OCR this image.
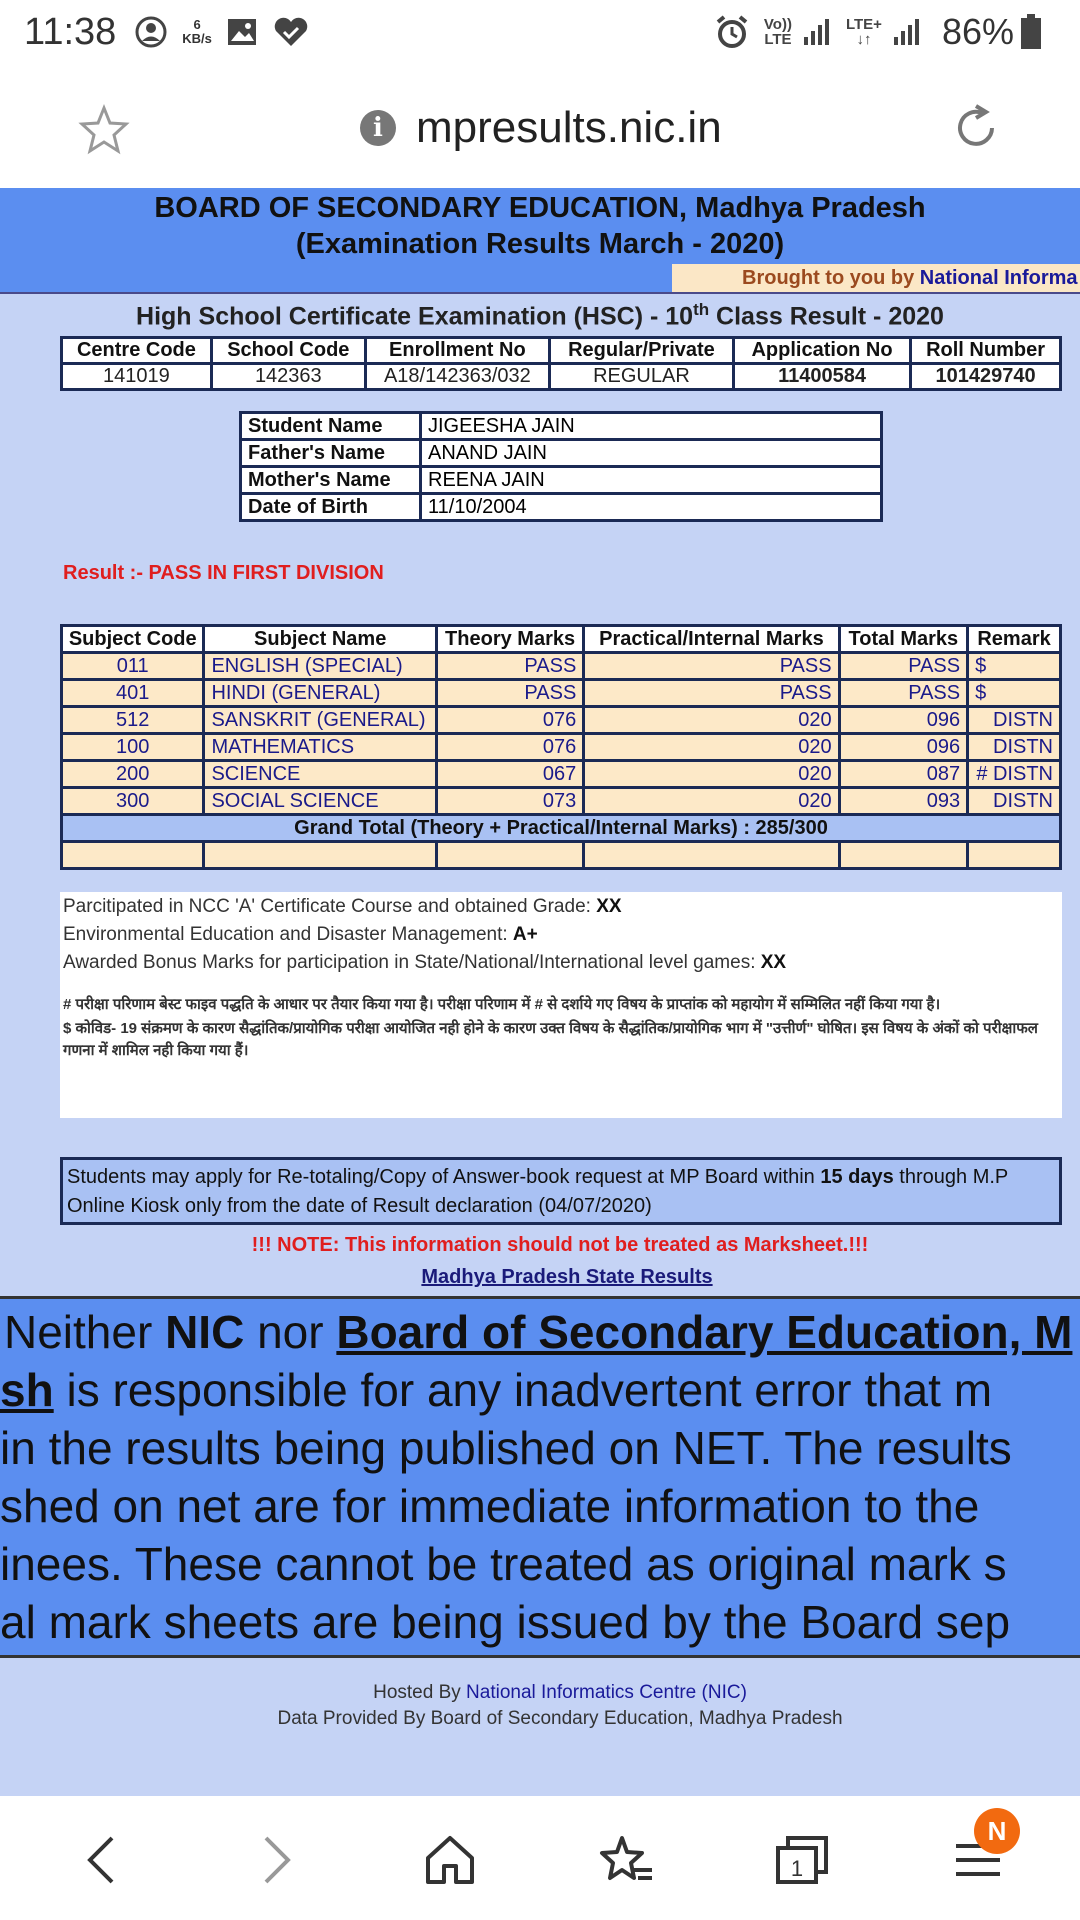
11:38	6
KB/s
Vo))
LTE
LTE+
↓↑ 86%
i mpresults.nic.in
BOARD OF SECONDARY EDUCATION, Madhya Pradesh
(Examination Results March - 2020)
Brought to you by National Informa
High School Certificate Examination (HSC) - 10th Class Result - 2020
Centre Code	School Code	Enrollment No	Regular/Private	Application No	Roll Number
141019	142363	A18/142363/032	REGULAR	11400584	101429740
Student Name	JIGEESHA JAIN
Father's Name	ANAND JAIN
Mother's Name	REENA JAIN
Date of Birth	11/10/2004
Result :- PASS IN FIRST DIVISION
Subject Code	Subject Name	Theory Marks	Practical/Internal Marks	Total Marks	Remark
011	ENGLISH (SPECIAL)	PASS	PASS	PASS	$
401	HINDI (GENERAL)	PASS	PASS	PASS	$
512	SANSKRIT (GENERAL)	076	020	096	DISTN
100	MATHEMATICS	076	020	096	DISTN
200	SCIENCE	067	020	087	# DISTN
300	SOCIAL SCIENCE	073	020	093	DISTN
Grand Total (Theory + Practical/Internal Marks) : 285/300					

Parcitipated in NCC 'A' Certificate Course and obtained Grade: XX

Environmental Education and Disaster Management: A+

Awarded Bonus Marks for participation in State/National/International level games: XX

# परीक्षा परिणाम बेस्ट फाइव पद्धति के आधार पर तैयार किया गया है। परीक्षा परिणाम में # से दर्शाये गए विषय के प्राप्तांक को महायोग में सम्मिलित नहीं किया गया है।
$ कोविड- 19 संक्रमण के कारण सैद्धांतिक/प्रायोगिक परीक्षा आयोजित नही होने के कारण उक्त विषय के सैद्धांतिक/प्रायोगिक भाग में "उत्तीर्ण" घोषित। इस विषय के अंकों को परीक्षाफल गणना में शामिल नही किया गया हैं।
Students may apply for Re-totaling/Copy of Answer-book request at MP Board within 15 days through M.P Online Kiosk only from the date of Result declaration (04/07/2020)
!!! NOTE: This information should not be treated as Marksheet.!!!
Madhya Pradesh State Results
Neither NIC nor Board of Secondary Education, M
sh is responsible for any inadvertent error that m
in the results being published on NET. The results
shed on net are for immediate information to the
inees. These cannot be treated as original mark s
al mark sheets are being issued by the Board sep
Hosted By National Informatics Centre (NIC)
Data Provided By Board of Secondary Education, Madhya Pradesh
1
N
